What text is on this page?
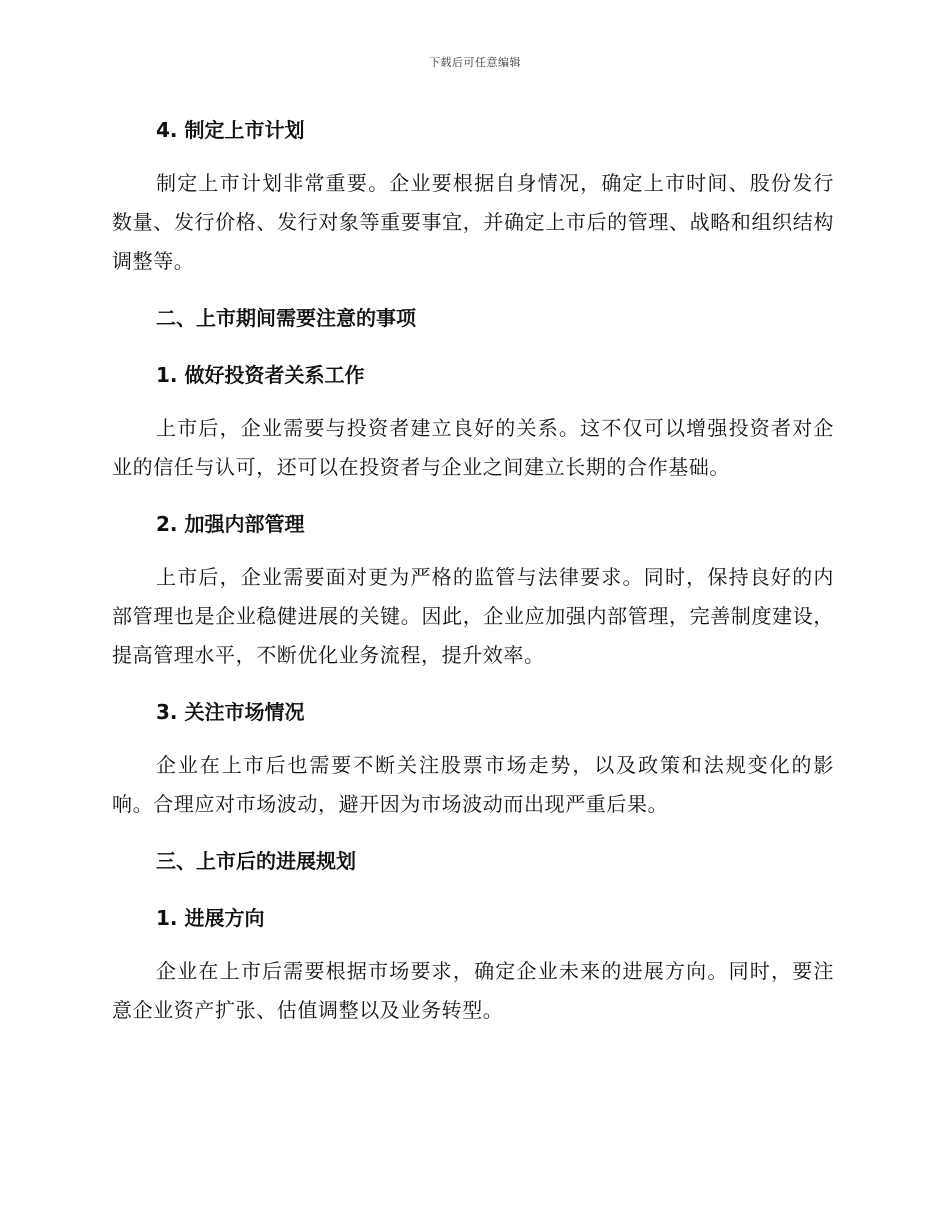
下载后可任意编辑
4. 制定上市计划

制定上市计划非常重要。企业要根据自身情况，确定上市时间、股份发行数量、发行价格、发行对象等重要事宜，并确定上市后的管理、战略和组织结构调整等。

二、上市期间需要注意的事项
1. 做好投资者关系工作

上市后，企业需要与投资者建立良好的关系。这不仅可以增强投资者对企业的信任与认可，还可以在投资者与企业之间建立长期的合作基础。

2. 加强内部管理

上市后，企业需要面对更为严格的监管与法律要求。同时，保持良好的内部管理也是企业稳健进展的关键。因此，企业应加强内部管理，完善制度建设，提高管理水平，不断优化业务流程，提升效率。

3. 关注市场情况

企业在上市后也需要不断关注股票市场走势，以及政策和法规变化的影响。合理应对市场波动，避开因为市场波动而出现严重后果。

三、上市后的进展规划
1. 进展方向

企业在上市后需要根据市场要求，确定企业未来的进展方向。同时，要注意企业资产扩张、估值调整以及业务转型。
